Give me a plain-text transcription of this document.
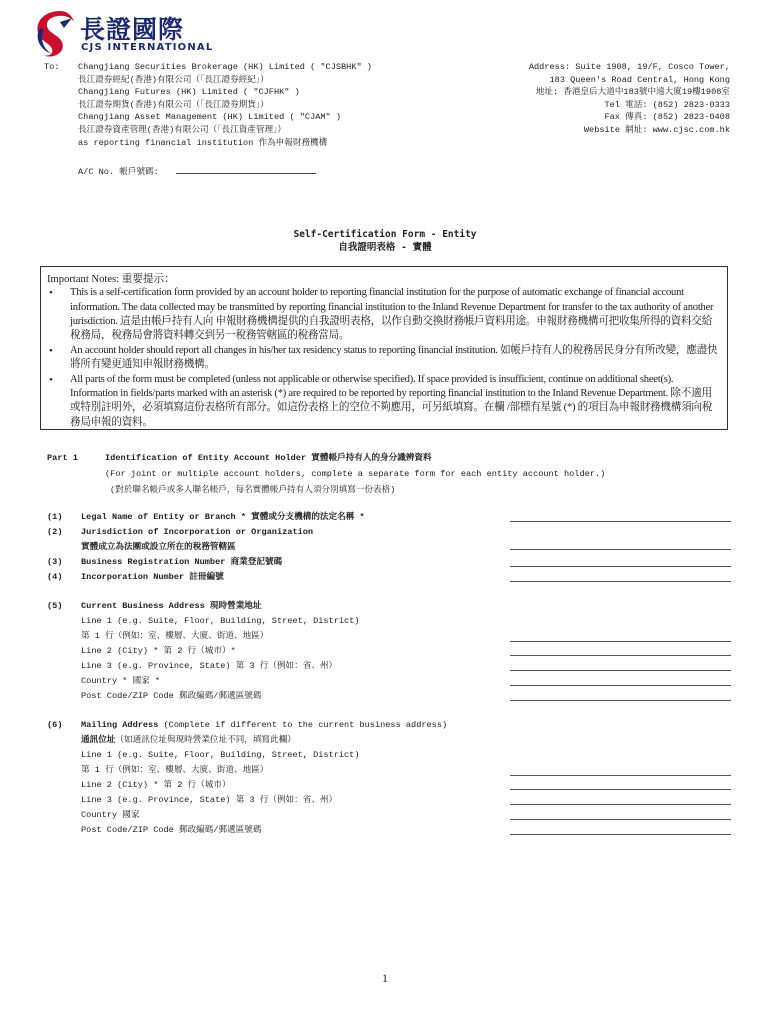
長證國際
CJS INTERNATIONAL
To: Changjiang Securities Brokerage (HK) Limited ( "CJSBHK" )
長江證券經紀(香港)有限公司（「長江證券經紀」）
Changjiang Futures (HK) Limited ( "CJFHK" )
長江證券期貨(香港)有限公司（「長江證券期貨」）
Changjiang Asset Management (HK) Limited ( "CJAM" )
長江證券資產管理(香港)有限公司（「長江資產管理」）
as reporting financial institution 作為申報財務機構
Address: Suite 1908, 19/F, Cosco Tower,
183 Queen's Road Central, Hong Kong
地址: 香港皇后大道中183號中遠大廈19樓1908室
Tel 電話: (852) 2823-0333
Fax 傳真: (852) 2823-0408
Website 網址: www.cjsc.com.hk
A/C No. 帳戶號碼:
Self-Certification Form - Entity
自我證明表格 - 實體
Important Notes: 重要提示：
• This is a self-certification form provided by an account holder to reporting financial institution for the purpose of automatic exchange of financial account information. The data collected may be transmitted by reporting financial institution to the Inland Revenue Department for transfer to the tax authority of another jurisdiction. 這是由帳戶持有人向 申報財務機構提供的自我證明表格，以作自動交換財務帳戶資料用途。申報財務機構可把收集所得的資料交給稅務局，稅務局會將資料轉交到另一稅務管轄區的稅務當局。
• An account holder should report all changes in his/her tax residency status to reporting financial institution. 如帳戶持有人的稅務居民身分有所改變，應盡快將所有變更通知申報財務機構。
• All parts of the form must be completed (unless not applicable or otherwise specified). If space provided is insufficient, continue on additional sheet(s). Information in fields/parts marked with an asterisk (*) are required to be reported by reporting financial institution to the Inland Revenue Department. 除不適用或特別註明外，必須填寫這份表格所有部分。如這份表格上的空位不夠應用，可另紙填寫。在欄 /部標有星號 (*) 的項目為申報財務機構須向稅務局申報的資料。
Part 1	Identification of Entity Account Holder 實體帳戶持有人的身分識辨資料
(For joint or multiple account holders, complete a separate form for each entity account holder.)
(對於聯名帳戶或多人聯名帳戶，每名實體帳戶持有人須分別填寫一份表格)
(1) Legal Name of Entity or Branch * 實體或分支機構的法定名稱 *
(2) Jurisdiction of Incorporation or Organization
實體成立為法團或設立所在的稅務管轄區
(3) Business Registration Number 商業登記號碼
(4) Incorporation Number 註冊編號
(5) Current Business Address 現時營業地址
Line 1 (e.g. Suite, Floor, Building, Street, District)
第 1 行（例如：室、樓層、大廈、街道、地區）
Line 2 (City) * 第 2 行（城市）*
Line 3 (e.g. Province, State) 第 3 行（例如：省、州）
Country * 國家 *
Post Code/ZIP Code 郵政編碼/郵遞區號碼
(6) Mailing Address (Complete if different to the current business address)
通訊位址（如通訊位址與現時營業位址不同，填寫此欄）
Line 1 (e.g. Suite, Floor, Building, Street, District)
第 1 行（例如：室、樓層、大廈、街道、地區）
Line 2 (City) * 第 2 行（城市）
Line 3 (e.g. Province, State) 第 3 行（例如：省、州）
Country 國家
Post Code/ZIP Code 郵政編碼/郵遞區號碼
1
